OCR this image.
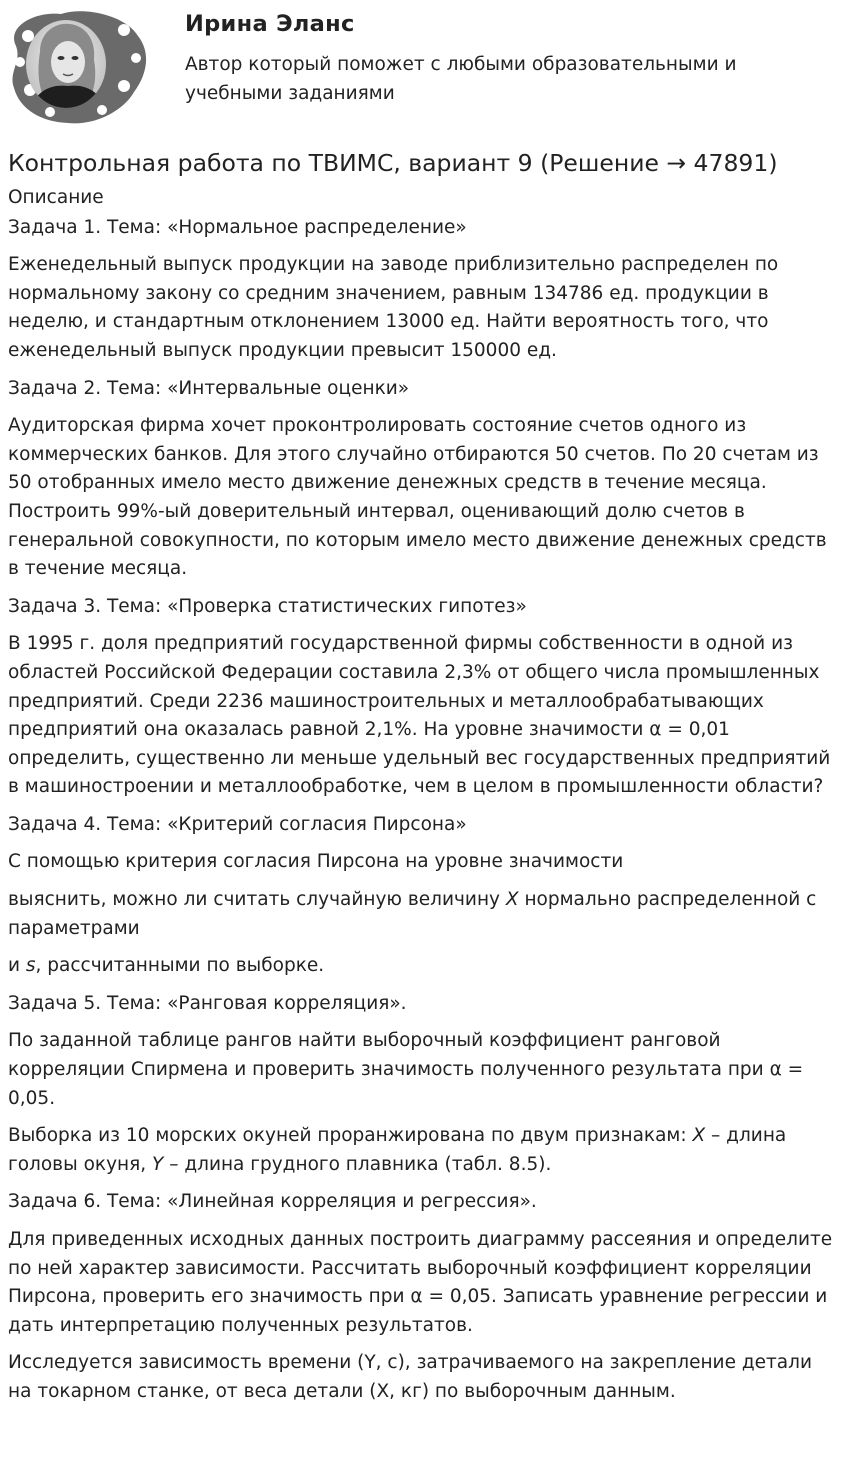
Ирина Эланс
Автор который поможет с любыми образовательными и учебными заданиями
Контрольная работа по ТВИМС, вариант 9 (Решение → 47891)

Описание

Задача 1. Тема: «Нормальное распределение»

Еженедельный выпуск продукции на заводе приблизительно распределен по нормальному закону со средним значением, равным 134786 ед. продукции в неделю, и стандартным отклонением 13000 ед. Найти вероятность того, что еженедельный выпуск продукции превысит 150000 ед.

Задача 2. Тема: «Интервальные оценки»

Аудиторская фирма хочет проконтролировать состояние счетов одного из коммерческих банков. Для этого случайно отбираются 50 счетов. По 20 счетам из 50 отобранных имело место движение денежных средств в течение месяца. Построить 99%-ый доверительный интервал, оценивающий долю счетов в генеральной совокупности, по которым имело место движение денежных средств в течение месяца.

Задача 3. Тема: «Проверка статистических гипотез»

В 1995 г. доля предприятий государственной фирмы собственности в одной из областей Российской Федерации составила 2,3% от общего числа промышленных предприятий. Среди 2236 машиностроительных и металлообрабатывающих предприятий она оказалась равной 2,1%. На уровне значимости α = 0,01 определить, существенно ли меньше удельный вес государственных предприятий в машиностроении и металлообработке, чем в целом в промышленности области?

Задача 4. Тема: «Критерий согласия Пирсона»

С помощью критерия согласия Пирсона на уровне значимости

выяснить, можно ли считать случайную величину X нормально распределенной с параметрами

и s, рассчитанными по выборке.

Задача 5. Тема: «Ранговая корреляция».

По заданной таблице рангов найти выборочный коэффициент ранговой корреляции Спирмена и проверить значимость полученного результата при α = 0,05.

Выборка из 10 морских окуней проранжирована по двум признакам: X – длина головы окуня, Y – длина грудного плавника (табл. 8.5).

Задача 6. Тема: «Линейная корреляция и регрессия».

Для приведенных исходных данных построить диаграмму рассеяния и определите по ней характер зависимости. Рассчитать выборочный коэффициент корреляции Пирсона, проверить его значимость при α = 0,05. Записать уравнение регрессии и дать интерпретацию полученных результатов.

Исследуется зависимость времени (Y, с), затрачиваемого на закрепление детали на токарном станке, от веса детали (X, кг) по выборочным данным.
